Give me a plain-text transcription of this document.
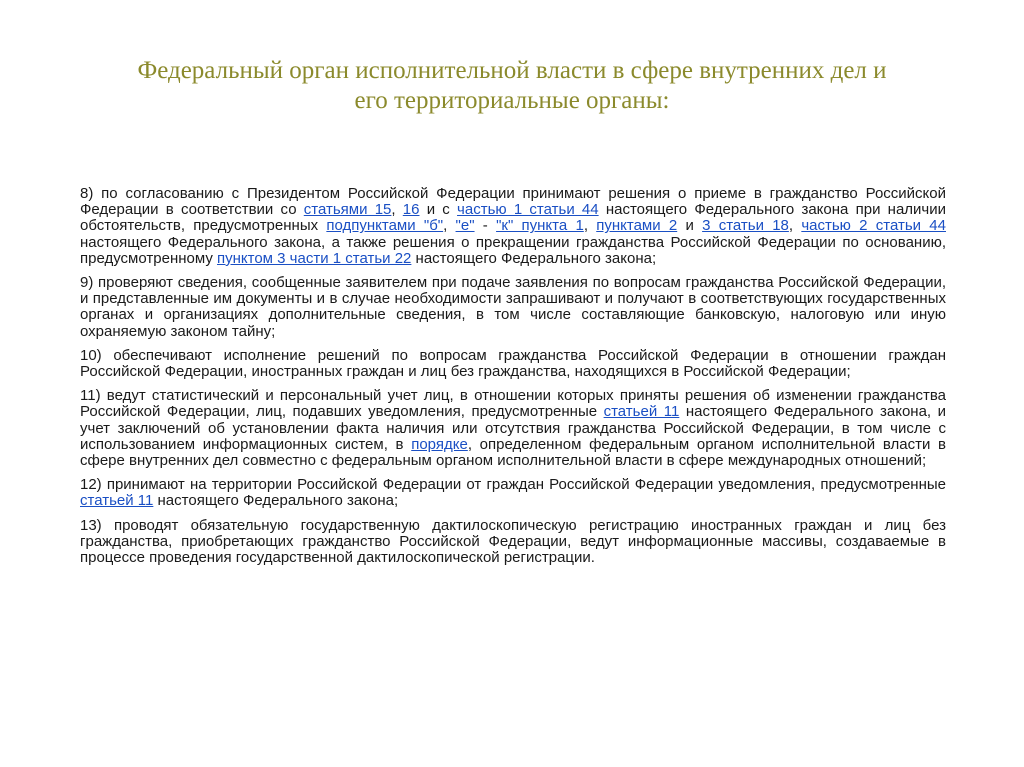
Федеральный орган исполнительной власти в сфере внутренних дел и
его территориальные органы:

8) по согласованию с Президентом Российской Федерации принимают решения о приеме в гражданство Российской Федерации в соответствии со статьями 15, 16 и с частью 1 статьи 44 настоящего Федерального закона при наличии обстоятельств, предусмотренных подпунктами "б", "е" - "к" пункта 1, пунктами 2 и 3 статьи 18, частью 2 статьи 44 настоящего Федерального закона, а также решения о прекращении гражданства Российской Федерации по основанию, предусмотренному пунктом 3 части 1 статьи 22 настоящего Федерального закона;

9) проверяют сведения, сообщенные заявителем при подаче заявления по вопросам гражданства Российской Федерации, и представленные им документы и в случае необходимости запрашивают и получают в соответствующих государственных органах и организациях дополнительные сведения, в том числе составляющие банковскую, налоговую или иную охраняемую законом тайну;

10) обеспечивают исполнение решений по вопросам гражданства Российской Федерации в отношении граждан Российской Федерации, иностранных граждан и лиц без гражданства, находящихся в Российской Федерации;

11) ведут статистический и персональный учет лиц, в отношении которых приняты решения об изменении гражданства Российской Федерации, лиц, подавших уведомления, предусмотренные статьей 11 настоящего Федерального закона, и учет заключений об установлении факта наличия или отсутствия гражданства Российской Федерации, в том числе с использованием информационных систем, в порядке, определенном федеральным органом исполнительной власти в сфере внутренних дел совместно с федеральным органом исполнительной власти в сфере международных отношений;

12) принимают на территории Российской Федерации от граждан Российской Федерации уведомления, предусмотренные статьей 11 настоящего Федерального закона;

13) проводят обязательную государственную дактилоскопическую регистрацию иностранных граждан и лиц без гражданства, приобретающих гражданство Российской Федерации, ведут информационные массивы, создаваемые в процессе проведения государственной дактилоскопической регистрации.
